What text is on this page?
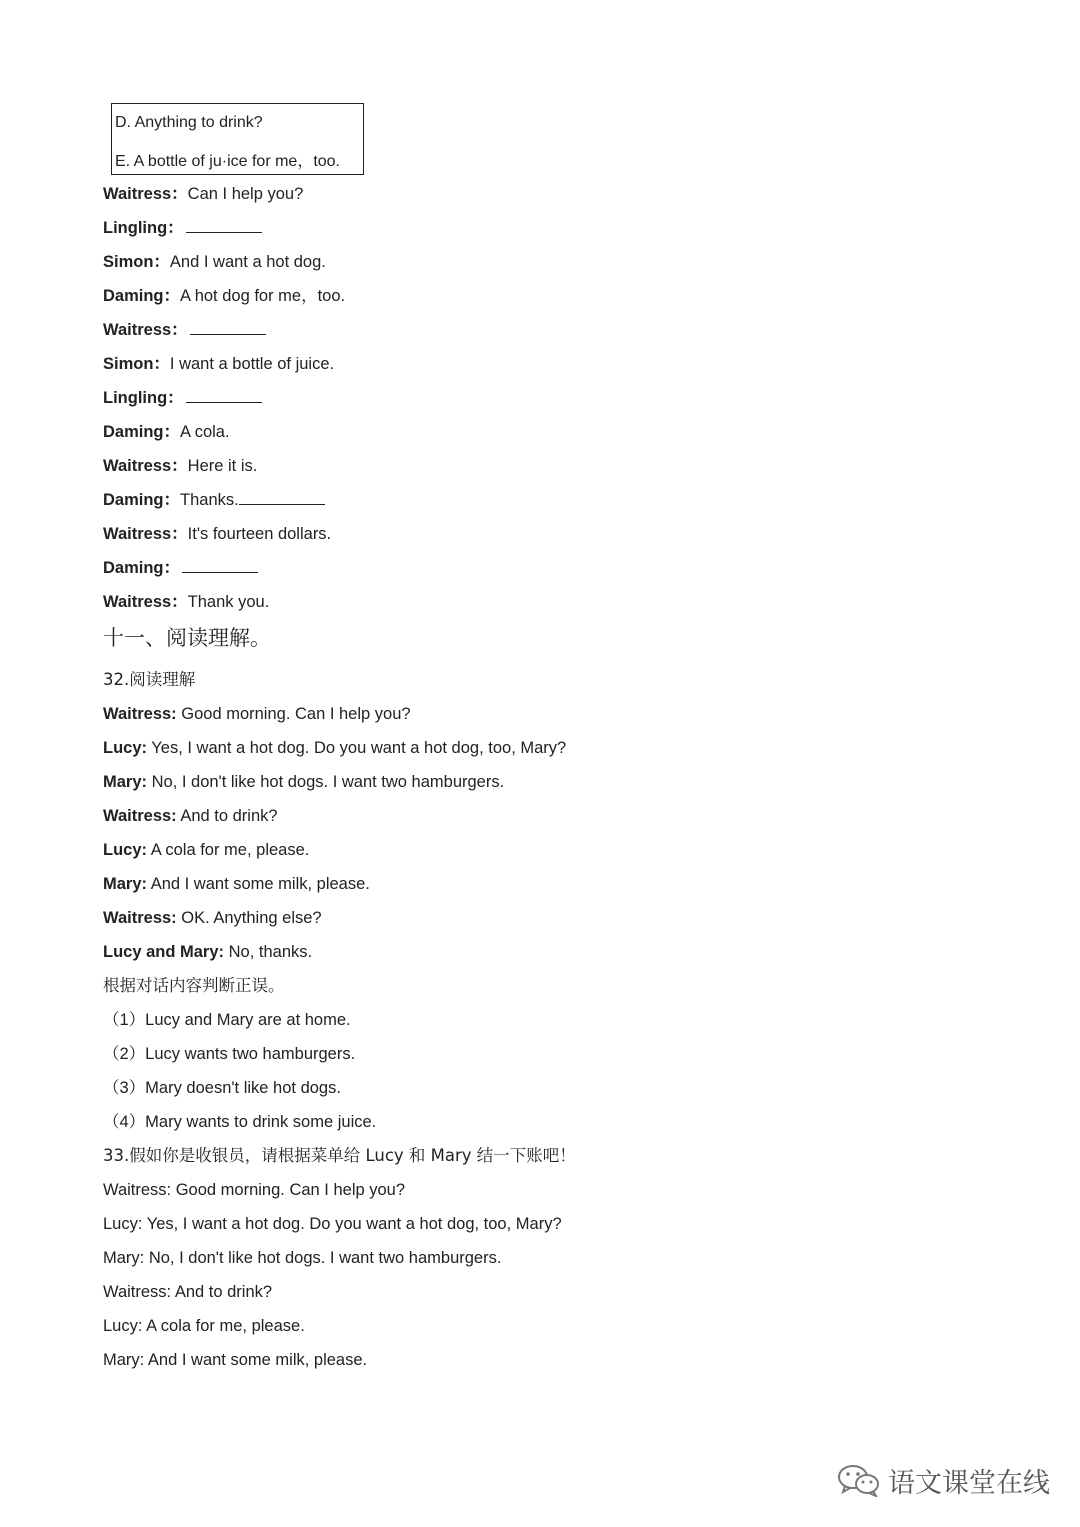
D. Anything to drink?
E. A bottle of ju·ice for me，too.
Waitress：Can I help you?
Lingling：
Simon：And I want a hot dog.
Daming：A hot dog for me，too.
Waitress：
Simon：I want a bottle of juice.
Lingling：
Daming：A cola.
Waitress：Here it is.
Daming：Thanks.
Waitress：It's fourteen dollars.
Daming：
Waitress：Thank you.
十一、阅读理解。
32.阅读理解
Waitress: Good morning. Can I help you?
Lucy: Yes, I want a hot dog. Do you want a hot dog, too, Mary?
Mary: No, I don't like hot dogs. I want two hamburgers.
Waitress: And to drink?
Lucy: A cola for me, please.
Mary: And I want some milk, please.
Waitress: OK. Anything else?
Lucy and Mary: No, thanks.
根据对话内容判断正误。
（1）Lucy and Mary are at home.
（2）Lucy wants two hamburgers.
（3）Mary doesn't like hot dogs.
（4）Mary wants to drink some juice.
33.假如你是收银员，请根据菜单给 Lucy 和 Mary 结一下账吧！
Waitress: Good morning. Can I help you?
Lucy: Yes, I want a hot dog. Do you want a hot dog, too, Mary?
Mary: No, I don't like hot dogs. I want two hamburgers.
Waitress: And to drink?
Lucy: A cola for me, please.
Mary: And I want some milk, please.
语文课堂在线
